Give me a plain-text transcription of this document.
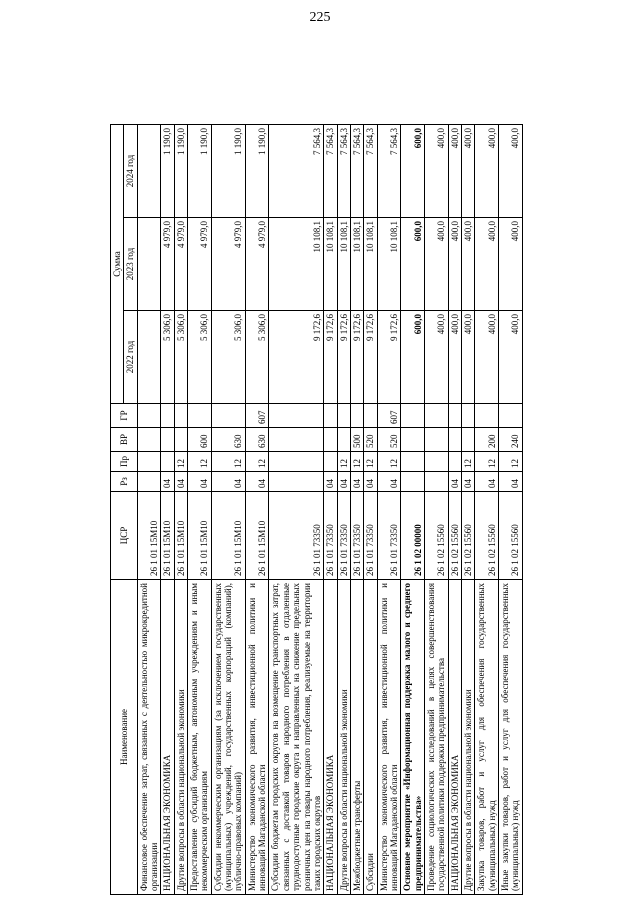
225
Наименование	ЦСР	Рз	Пр	ВР	ГР	Сумма		
						2022 год	2023 год	2024 год
Финансовое обеспечение затрат, связанных с деятельностью микрокредитной организации	26 1 01 15М10							
НАЦИОНАЛЬНАЯ ЭКОНОМИКА	26 1 01 15М10	04				5 306,0	4 979,0	1 190,0
Другие вопросы в области национальной экономики	26 1 01 15М10	04	12			5 306,0	4 979,0	1 190,0
Предоставление субсидий бюджетным, автономным учреждениям и иным некоммерческим организациям	26 1 01 15М10	04	12	600		5 306,0	4 979,0	1 190,0
Субсидии некоммерческим организациям (за исключением государственных (муниципальных) учреждений, государственных корпораций (компаний), публично-правовых компаний)	26 1 01 15М10	04	12	630		5 306,0	4 979,0	1 190,0
Министерство экономического развития, инвестиционной политики и инноваций Магаданской области	26 1 01 15М10	04	12	630	607	5 306,0	4 979,0	1 190,0
Субсидии бюджетам городских округов на возмещение транспортных затрат, связанных с доставкой товаров народного потребления в отдаленные труднодоступные городские округа и направленных на снижение предельных розничных цен на товары народного потребления, реализуемые на территории таких городских округов	26 1 01 73350					9 172,6	10 108,1	7 564,3
НАЦИОНАЛЬНАЯ ЭКОНОМИКА	26 1 01 73350	04				9 172,6	10 108,1	7 564,3
Другие вопросы в области национальной экономики	26 1 01 73350	04	12			9 172,6	10 108,1	7 564,3
Межбюджетные трансферты	26 1 01 73350	04	12	500		9 172,6	10 108,1	7 564,3
Субсидии	26 1 01 73350	04	12	520		9 172,6	10 108,1	7 564,3
Министерство экономического развития, инвестиционной политики и инноваций Магаданской области	26 1 01 73350	04	12	520	607	9 172,6	10 108,1	7 564,3
Основное мероприятие «Информационная поддержка малого и среднего предпринимательства»	26 1 02 00000					600,0	600,0	600,0
Проведение социологических исследований в целях совершенствования государственной политики поддержки предпринимательства	26 1 02 15560					400,0	400,0	400,0
НАЦИОНАЛЬНАЯ ЭКОНОМИКА	26 1 02 15560	04				400,0	400,0	400,0
Другие вопросы в области национальной экономики	26 1 02 15560	04	12			400,0	400,0	400,0
Закупка товаров, работ и услуг для обеспечения государственных (муниципальных) нужд	26 1 02 15560	04	12	200		400,0	400,0	400,0
Иные закупки товаров, работ и услуг для обеспечения государственных (муниципальных) нужд	26 1 02 15560	04	12	240		400,0	400,0	400,0
